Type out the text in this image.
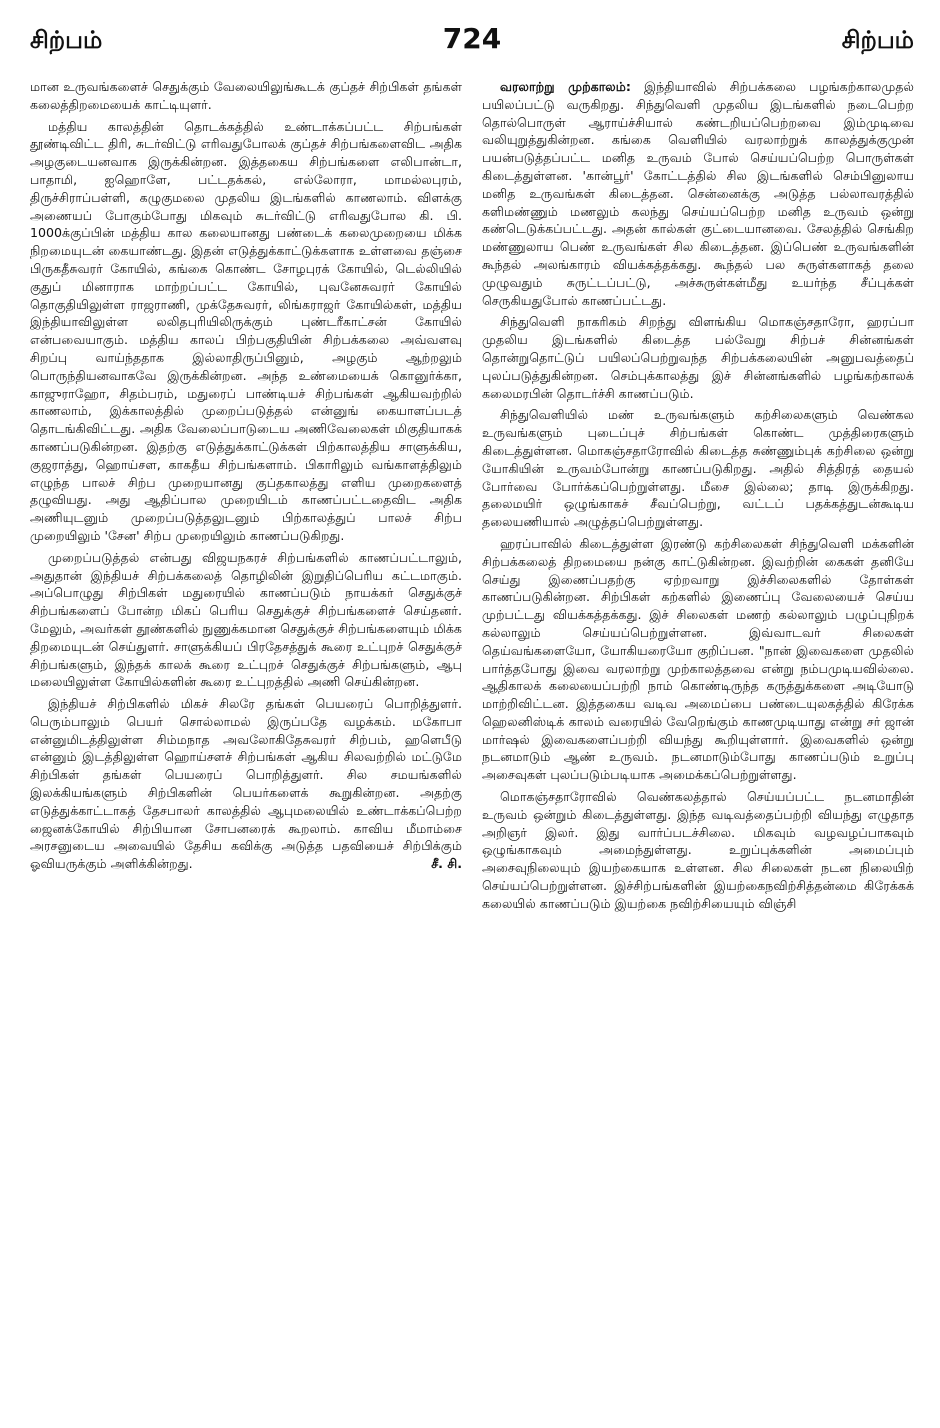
சிற்பம்	724	சிற்பம்

மான உருவங்களைச் செதுக்கும் வேலையிலுங்கூடக் குப்தச் சிற்பிகள் தங்கள் கலைத்திறமையைக் காட்டியுளர்.

மத்திய காலத்தின் தொடக்கத்தில் உண்டாக்கப்பட்ட சிற்பங்கள் தூண்டிவிட்ட திரி, சுடர்விட்டு எரிவதுபோலக் குப்தச் சிற்பங்களைவிட அதிக அழகுடையனவாக இருக்கின்றன. இத்தகைய சிற்பங்களை எலிபான்டா, பாதாமி, ஐஹொளே, பட்டதக்கல், எல்லோரா, மாமல்லபுரம், திருச்சிராப்பள்ளி, கழுகுமலை முதலிய இடங்களில் காணலாம். விளக்கு அணையப் போகும்போது மிகவும் சுடர்விட்டு எரிவதுபோல கி. பி. 1000க்குப்பின் மத்திய கால கலையானது பண்டைக் கலைமுறையை மிக்க நிறமையுடன் கையாண்டது. இதன் எடுத்துக்காட்டுக்களாக உள்ளவை தஞ்சை பிருகதீசுவரர் கோயில், கங்கை கொண்ட சோழபுரக் கோயில், டெல்லியில் குதுப் மினாராக மாற்றப்பட்ட கோயில், புவனேசுவரர் கோயில் தொகுதியிலுள்ள ராஜராணி, முக்தேசுவரர், லிங்கராஜர் கோயில்கள், மத்திய இந்தியாவிலுள்ள லலிதபுரியிலிருக்கும் புண்டரீகாட்சன் கோயில் என்பவையாகும். மத்திய காலப் பிற்பகுதியின் சிற்பக்கலை அவ்வளவு சிறப்பு வாய்ந்ததாக இல்லாதிருப்பினும், அழகும் ஆற்றலும் பொருந்தியனவாகவே இருக்கின்றன. அந்த உண்மையைக் கொனுர்க்கா, காஜுராஹோ, சிதம்பரம், மதுரைப் பாண்டியச் சிற்பங்கள் ஆகியவற்றில் காணலாம், இக்காலத்தில் முறைப்படுத்தல் என்னுங் கையாளப்படத் தொடங்கிவிட்டது. அதிக வேலைப்பாடுடைய அணிவேலைகள் மிகுதியாகக் காணப்படுகின்றன. இதற்கு எடுத்துக்காட்டுக்கள் பிற்காலத்திய சாளுக்கிய, குஜராத்து, ஹொய்சள, காகதீய சிற்பங்களாம். பிகாரிலும் வங்காளத்திலும் எழுந்த பாலச் சிற்ப முறையானது குப்தகாலத்து எளிய முறைகளைத் தழுவியது. அது ஆதிப்பால முறையிடம் காணப்பட்டதைவிட அதிக அணியுடனும் முறைப்படுத்தலுடனும் பிற்காலத்துப் பாலச் சிற்ப முறையிலும் 'சேன' சிற்ப முறையிலும் காணப்படுகிறது.

முறைப்படுத்தல் என்பது விஜயநகரச் சிற்பங்களில் காணப்பட்டாலும், அதுதான் இந்தியச் சிற்பக்கலைத் தொழிலின் இறுதிப்பெரிய கட்டமாகும். அப்பொழுது சிற்பிகள் மதுரையில் காணப்படும் நாயக்கர் செதுக்குச் சிற்பங்களைப் போன்ற மிகப் பெரிய செதுக்குச் சிற்பங்களைச் செய்தனர். மேலும், அவர்கள் தூண்களில் நுணுக்கமான செதுக்குச் சிற்பங்களையும் மிக்க திறமையுடன் செய்துளர். சாளுக்கியப் பிரதேசத்துக் கூரை உட்புறச் செதுக்குச் சிற்பங்களும், இந்தக் காலக் கூரை உட்புறச் செதுக்குச் சிற்பங்களும், ஆபு மலையிலுள்ள கோயில்களின் கூரை உட்புறத்தில் அணி செய்கின்றன.

இந்தியச் சிற்பிகளில் மிகச் சிலரே தங்கள் பெயரைப் பொறித்துளர். பெரும்பாலும் பெயர் சொல்லாமல் இருப்பதே வழக்கம். மகோபா என்னுமிடத்திலுள்ள சிம்மநாத அவலோகிதேசுவரர் சிற்பம், ஹளெபீடு என்னும் இடத்திலுள்ள ஹொய்சளச் சிற்பங்கள் ஆகிய சிலவற்றில் மட்டுமே சிற்பிகள் தங்கள் பெயரைப் பொறித்துளர். சில சமயங்களில் இலக்கியங்களும் சிற்பிகளின் பெயர்களைக் கூறுகின்றன. அதற்கு எடுத்துக்காட்டாகத் தேசபாலர் காலத்தில் ஆபுமலையில் உண்டாக்கப்பெற்ற ஜைனக்கோயில் சிற்பியான சோபனரைக் கூறலாம். காவிய மீமாம்சை அரசனுடைய அவையில் தேசிய கவிக்கு அடுத்த பதவியைச் சிற்பிக்கும் ஓவியருக்கும் அளிக்கின்றது.	சீ. சி.

வரலாற்று முற்காலம்: இந்தியாவில் சிற்பக்கலை பழங்கற்காலமுதல் பயிலப்பட்டு வருகிறது. சிந்துவெளி முதலிய இடங்களில் நடைபெற்ற தொல்பொருள் ஆராய்ச்சியால் கண்டறியப்பெற்றவை இம்முடிவை வலியுறுத்துகின்றன. கங்கை வெளியில் வரலாற்றுக் காலத்துக்குமுன் பயன்படுத்தப்பட்ட மனித உருவம் போல் செய்யப்பெற்ற பொருள்கள் கிடைத்துள்ளன. 'கான்பூர்' கோட்டத்தில் சில இடங்களில் செம்பினுலாய மனித உருவங்கள் கிடைத்தன. சென்னைக்கு அடுத்த பல்லாவரத்தில் களிமண்ணும் மணலும் கலந்து செய்யப்பெற்ற மனித உருவம் ஒன்று கண்டெடுக்கப்பட்டது. அதன் கால்கள் குட்டையானவை. சேலத்தில் செங்கிற மண்ணுலாய பெண் உருவங்கள் சில கிடைத்தன. இப்பெண் உருவங்களின் கூந்தல் அலங்காரம் வியக்கத்தக்கது. கூந்தல் பல சுருள்களாகத் தலை முழுவதும் சுருட்டப்பட்டு, அச்சுருள்கள்மீது உயர்ந்த சீப்புக்கள் செருகியதுபோல் காணப்பட்டது.

சிந்துவெளி நாகரிகம் சிறந்து விளங்கிய மொகஞ்சதாரோ, ஹரப்பா முதலிய இடங்களில் கிடைத்த பல்வேறு சிற்பச் சின்னங்கள் தொன்றுதொட்டுப் பயிலப்பெற்றுவந்த சிற்பக்கலையின் அனுபவத்தைப் புலப்படுத்துகின்றன. செம்புக்காலத்து இச் சின்னங்களில் பழங்கற்காலக் கலைமரபின் தொடர்ச்சி காணப்படும்.

சிந்துவெளியில் மண் உருவங்களும் கற்சிலைகளும் வெண்கல உருவங்களும் புடைப்புச் சிற்பங்கள் கொண்ட முத்திரைகளும் கிடைத்துள்ளன. மொகஞ்சதாரோவில் கிடைத்த சுண்ணும்புக் கற்சிலை ஒன்று யோகியின் உருவம்போன்று காணப்படுகிறது. அதில் சித்திரத் தையல் போர்வை போர்க்கப்பெற்றுள்ளது. மீசை இல்லை; தாடி இருக்கிறது. தலைமயிர் ஒழுங்காகச் சீவப்பெற்று, வட்டப் பதக்கத்துடன்கூடிய தலையணியால் அழுத்தப்பெற்றுள்ளது.

ஹரப்பாவில் கிடைத்துள்ள இரண்டு கற்சிலைகள் சிந்துவெளி மக்களின் சிற்பக்கலைத் திறமையை நன்கு காட்டுகின்றன. இவற்றின் கைகள் தனியே செய்து இணைப்பதற்கு ஏற்றவாறு இச்சிலைகளில் தோள்கள் காணப்படுகின்றன. சிற்பிகள் கற்களில் இணைப்பு வேலையைச் செய்ய முற்பட்டது வியக்கத்தக்கது. இச் சிலைகள் மணற் கல்லாலும் பழுப்புநிறக் கல்லாலும் செய்யப்பெற்றுள்ளன. இவ்வாடவர் சிலைகள் தெய்வங்களையோ, யோகியரையோ குறிப்பன. "நான் இவைகளை முதலில் பார்த்தபோது இவை வரலாற்று முற்காலத்தவை என்று நம்பமுடியவில்லை. ஆதிகாலக் கலையைப்பற்றி நாம் கொண்டிருந்த கருத்துக்களை அடியோடு மாற்றிவிட்டன. இத்தகைய வடிவ அமைப்பை பண்டையுலகத்தில் கிரேக்க ஹெலனிஸ்டிக் காலம் வரையில் வேறெங்கும் காணமுடியாது என்று சர் ஜான் மார்ஷல் இவைகளைப்பற்றி வியந்து கூறியுள்ளார். இவைகளில் ஒன்று நடனமாடும் ஆண் உருவம். நடனமாடும்போது காணப்படும் உறுப்பு அசைவுகள் புலப்படும்படியாக அமைக்கப்பெற்றுள்ளது.

மொகஞ்சதாரோவில் வெண்கலத்தால் செய்யப்பட்ட நடனமாதின் உருவம் ஒன்றும் கிடைத்துள்ளது. இந்த வடிவத்தைப்பற்றி வியந்து எழுதாத அறிஞர் இலர். இது வார்ப்படச்சிலை. மிகவும் வழவழப்பாகவும் ஒழுங்காகவும் அமைந்துள்ளது. உறுப்புக்களின் அமைப்பும் அசைவுநிலையும் இயற்கையாக உள்ளன. சில சிலைகள் நடன நிலையிற் செய்யப்பெற்றுள்ளன. இச்சிற்பங்களின் இயற்கைநவிற்சித்தன்மை கிரேக்கக் கலையில் காணப்படும் இயற்கை நவிற்சியையும் விஞ்சி
